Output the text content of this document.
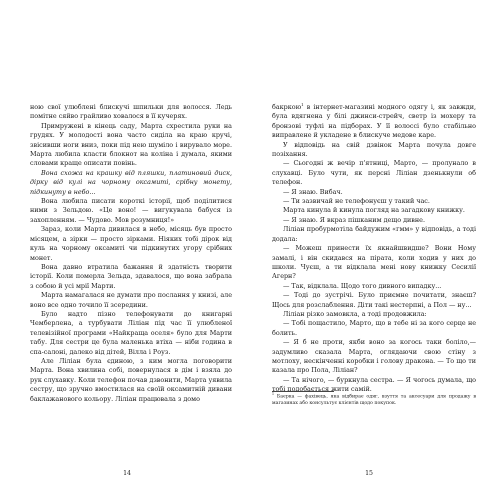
ною свої улюблені блискучі шпильки для волосся. Ледь помітне сяйво грайливо ховалося в її кучерях.

Примружені в кінець саду, Марта схрестила руки на грудях. У молодості вона часто сиділа на краю кручі, звісивши ноги вниз, поки під нею шуміло і вирувало море. Марта любила класти блокнот на коліна і думала, якими словами краще описати повінь.

Вона схожа на крашку від пляшки, платиновий диск, дірку від кулі на чорному оксамиті, срібну монету, підкинуту в небо...

Вона любила писати короткі історії, щоб поділитися ними з Зельдою. «Це воно! — вигукувала бабуся із захопленням. — Чудово. Мов розумниця!»

Зараз, коли Марта дивилася в небо, місяць був просто місяцем, а зірки — просто зірками. Ніяких тобі дірок від куль на чорному оксамиті чи підкинутих угору срібних монет.

Вона давно втратила бажання й здатність творити історії. Коли померла Зельда, здавалося, що вона забрала з собою й усі мрії Марти.

Марта намагалася не думати про послання у книзі, але воно все одно точило її зсередини.

Було надто пізно телефонувати до книгарні Чемберлена, а турбувати Ліліан під час її улюбленої телевізійної програми «Найкраща оселя» було для Марти табу. Для сестри це була маленька втіха — ніби година в спа-салоні, далеко від дітей, Вілла і Роуз.

Але Ліліан була єдиною, з ким могла поговорити Марта. Вона хвилина собі, повернулася в дім і взяла до рук слухавку. Коли телефон почав дзвонити, Марта уявила сестру, що зручно вмостилася на своїй оксамитній дивани баклажанового кольору. Ліліан працювала з домо

14

бакркою$^1$ в інтернет-магазині модного одягу і, як завжди, була вдягнена у білі джинси-стрейч, светр із мохеру та бронзові туфлі на підборах. У її волоссі було стабільно виправлене й укладене в блискуче медове каре.

У відповідь на свій дзвінок Марта почула довге позіхання.

— Сьогодні ж вечір п'ятниці, Марто, — пролунало в слухавці. Було чути, як персні Ліліан дзенькнули об телефон.

— Я знаю. Вибач.

— Ти зазвичай не телефонуєш у такий час.

Марта кинула й кинула погляд на загадкову книжку.

— Я знаю. Я вкраз пішканим дещо дивне.

Ліліан пробурмотіла байдужим «гмм» у відповідь, а тоді додала:

— Можеш принести їх якнайшвидше? Вони Ному замалі, і він скидався на пірата, коли ходив у них до школи. Чуєш, а ти відклала мені нову книжку Сесилії Агерн?

— Так, відклала. Щодо того дивного випадку...

— Тоді до зустрічі. Було приємне почитати, знаєш? Щось для розслаблення. Діти такі нестерпні, а Пол — ну...

Ліліан різко замовкла, а тоді продовжила:

— Тобі пощастило, Марто, що в тебе ні за кого серце не болить.

— Я б не проти, якби воно за когось таки боліло,— задумливо сказала Марта, оглядаючи свою стіну з мотлоху, нескінченні коробки і голову дракона. — То що ти казала про Пола, Ліліан?

— Та нічого, — буркнула сестра. — Я чогось думала, що тобі подобається жити самій.

$^1$ Баєрка — фахівець, яка відбирає одяг, взуття та аксесуари для продажу в магазинах або консультує клієнтів щодо покупок.
15
